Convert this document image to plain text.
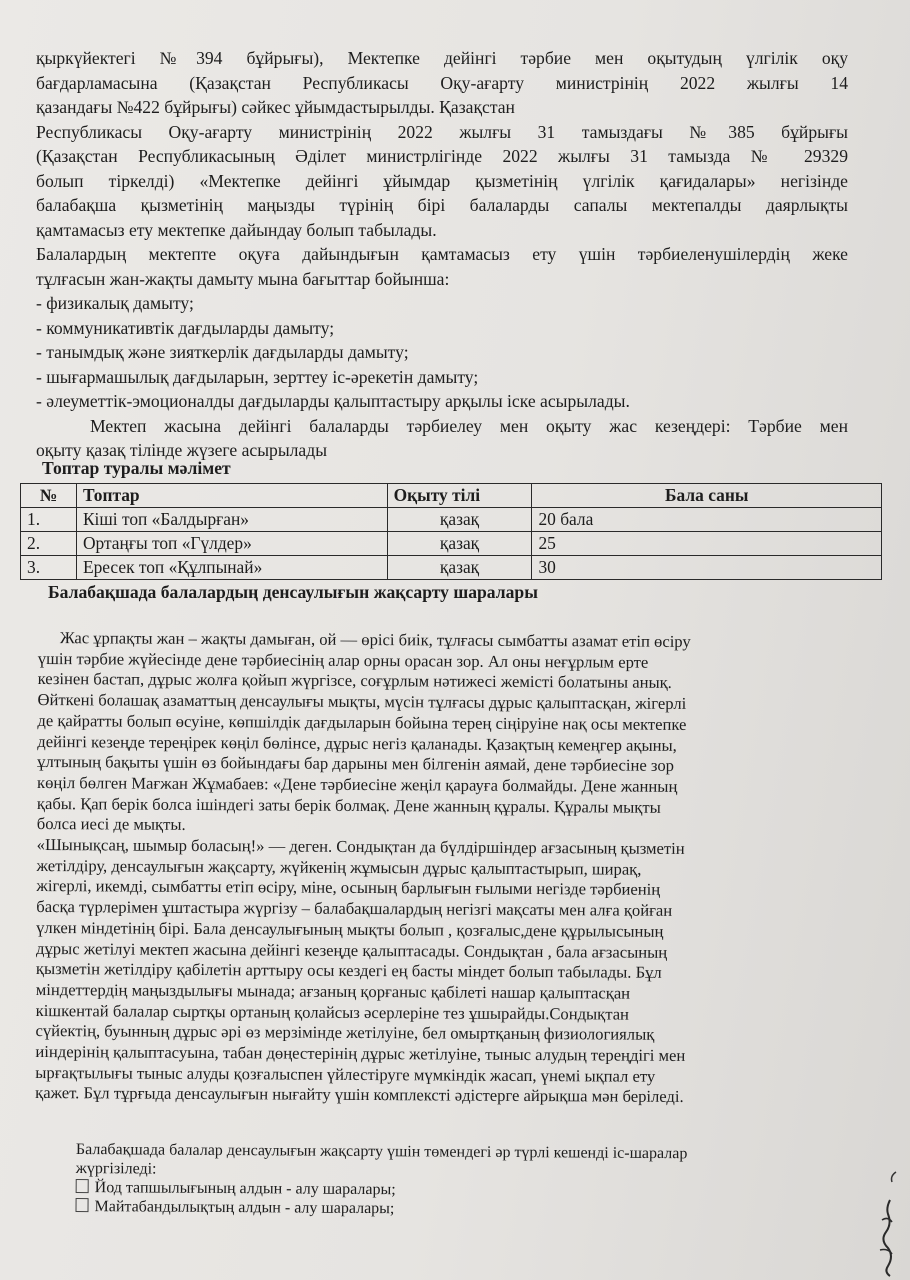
қыркүйектегі №394 бұйрығы), Мектепке дейінгі тәрбие мен оқытудың үлгілік оқу
бағдарламасына (Қазақстан Республикасы Оқу-ағарту министрінің 2022 жылғы 14
қазандағы №422 бұйрығы) сәйкес ұйымдастырылды. Қазақстан
Республикасы Оқу-ағарту министрінің 2022 жылғы 31 тамыздағы №385 бұйрығы
(Қазақстан Республикасының Әділет министрлігінде 2022 жылғы 31 тамызда № 29329
болып тіркелді) «Мектепке дейінгі ұйымдар қызметінің үлгілік қағидалары» негізінде
балабақша қызметінің маңызды түрінің бірі балаларды сапалы мектепалды даярлықты
қамтамасыз ету мектепке дайындау болып табылады.
Балалардың мектепте оқуға дайындығын қамтамасыз ету үшін тәрбиеленушілердің жеке
тұлғасын жан-жақты дамыту мына бағыттар бойынша:
- физикалық дамыту;
- коммуникативтік дағдыларды дамыту;
- танымдық және зияткерлік дағдыларды дамыту;
- шығармашылық дағдыларын, зерттеу іс-әрекетін дамыту;
- әлеуметтік-эмоционалды дағдыларды қалыптастыру арқылы іске асырылады.
Мектеп жасына дейінгі балаларды тәрбиелеу мен оқыту жас кезеңдері: Тәрбие мен
оқыту қазақ тілінде жүзеге асырылады
Топтар туралы мәлімет
№	Топтар	Оқыту тілі	Бала саны
1.	Кіші топ «Балдырған»	қазақ	20 бала
2.	Ортаңғы топ «Гүлдер»	қазақ	25
3.	Ересек топ «Құлпынай»	қазақ	30
Балабақшада балалардың денсаулығын жақсарту шаралары
Жас ұрпақты жан – жақты дамыған, ой — өрісі биік, тұлғасы сымбатты азамат етіп өсіру
үшін тәрбие жүйесінде дене тәрбиесінің алар орны орасан зор. Ал оны неғұрлым ерте
кезінен бастап, дұрыс жолға қойып жүргізсе, соғұрлым нәтижесі жемісті болатыны анық.
Өйткені болашақ азаматтың денсаулығы мықты, мүсін тұлғасы дұрыс қалыптасқан, жігерлі
де қайратты болып өсуіне, көпшілдік дағдыларын бойына терең сіңіруіне нақ осы мектепке
дейінгі кезеңде тереңірек көңіл бөлінсе, дұрыс негіз қаланады. Қазақтың кемеңгер ақыны,
ұлтының бақыты үшін өз бойындағы бар дарыны мен білгенін аямай, дене тәрбиесіне зор
көңіл бөлген Мағжан Жұмабаев: «Дене тәрбиесіне жеңіл қарауға болмайды. Дене жанның
қабы. Қап берік болса ішіндегі заты берік болмақ. Дене жанның құралы. Құралы мықты
болса иесі де мықты.
«Шынықсаң, шымыр боласың!» — деген. Сондықтан да бүлдіршіндер ағзасының қызметін
жетілдіру, денсаулығын жақсарту, жүйкенің жұмысын дұрыс қалыптастырып, ширақ,
жігерлі, икемді, сымбатты етіп өсіру, міне, осының барлығын ғылыми негізде тәрбиенің
басқа түрлерімен ұштастыра жүргізу – балабақшалардың негізгі мақсаты мен алға қойған
үлкен міндетінің бірі. Бала денсаулығының мықты болып , қозғалыс,дене құрылысының
дұрыс жетілуі мектеп жасына дейінгі кезеңде қалыптасады. Сондықтан , бала ағзасының
қызметін жетілдіру қабілетін арттыру осы кездегі ең басты міндет болып табылады. Бұл
міндеттердің маңыздылығы мынада; ағзаның қорғаныс қабілеті нашар қалыптасқан
кішкентай балалар сыртқы ортаның қолайсыз әсерлеріне тез ұшырайды.Сондықтан
сүйектің, буынның дұрыс әрі өз мерзімінде жетілуіне, бел омыртқаның физиологиялық
иіндерінің қалыптасуына, табан дөңестерінің дұрыс жетілуіне, тыныс алудың тереңдігі мен
ырғақтылығы тыныс алуды қозғалыспен үйлестіруге мүмкіндік жасап, үнемі ықпал ету
қажет. Бұл тұрғыда денсаулығын нығайту үшін комплексті әдістерге айрықша мән беріледі.
Балабақшада балалар денсаулығын жақсарту үшін төмендегі әр түрлі кешенді іс-шаралар
жүргізіледі:
Йод тапшылығының алдын - алу шаралары;
Майтабандылықтың алдын - алу шаралары;
